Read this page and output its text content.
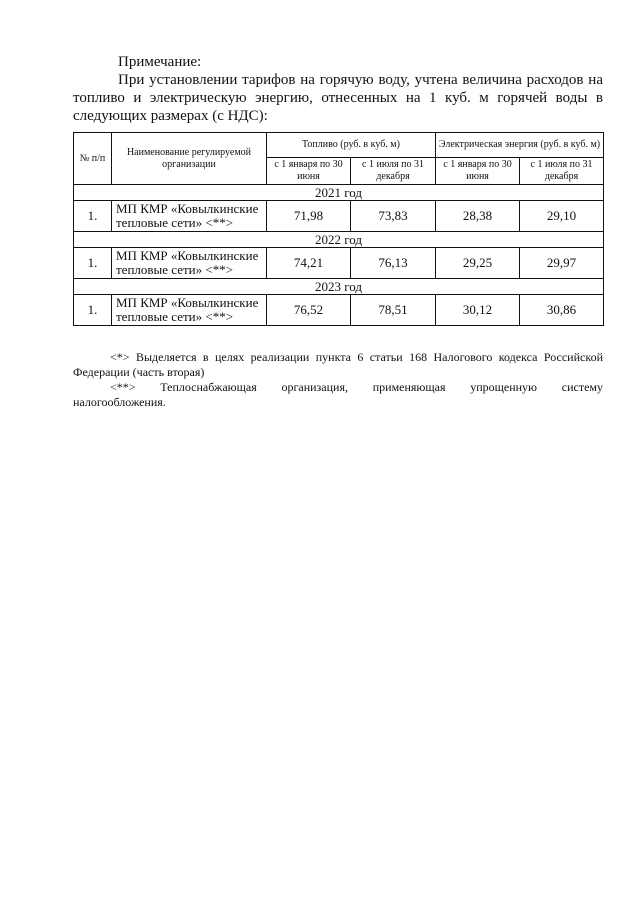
Примечание:
При установлении тарифов на горячую воду, учтена величина расходов на топливо и электрическую энергию, отнесенных на 1 куб. м горячей воды в следующих размерах (с НДС):
№ п/п	Наименование регулируемой организации	Топливо (руб. в куб. м)		Электрическая энергия (руб. в куб. м)	
		с 1 января по 30 июня	с 1 июля по 31 декабря	с 1 января по 30 июня	с 1 июля по 31 декабря
2021 год					
1.	МП КМР «Ковылкинские тепловые сети» <**>	71,98	73,83	28,38	29,10
2022 год					
1.	МП КМР «Ковылкинские тепловые сети» <**>	74,21	76,13	29,25	29,97
2023 год					
1.	МП КМР «Ковылкинские тепловые сети» <**>	76,52	78,51	30,12	30,86
<*> Выделяется в целях реализации пункта 6 статьи 168 Налогового кодекса Российской Федерации (часть вторая)
<**> Теплоснабжающая организация, применяющая упрощенную систему
налогообложения.
